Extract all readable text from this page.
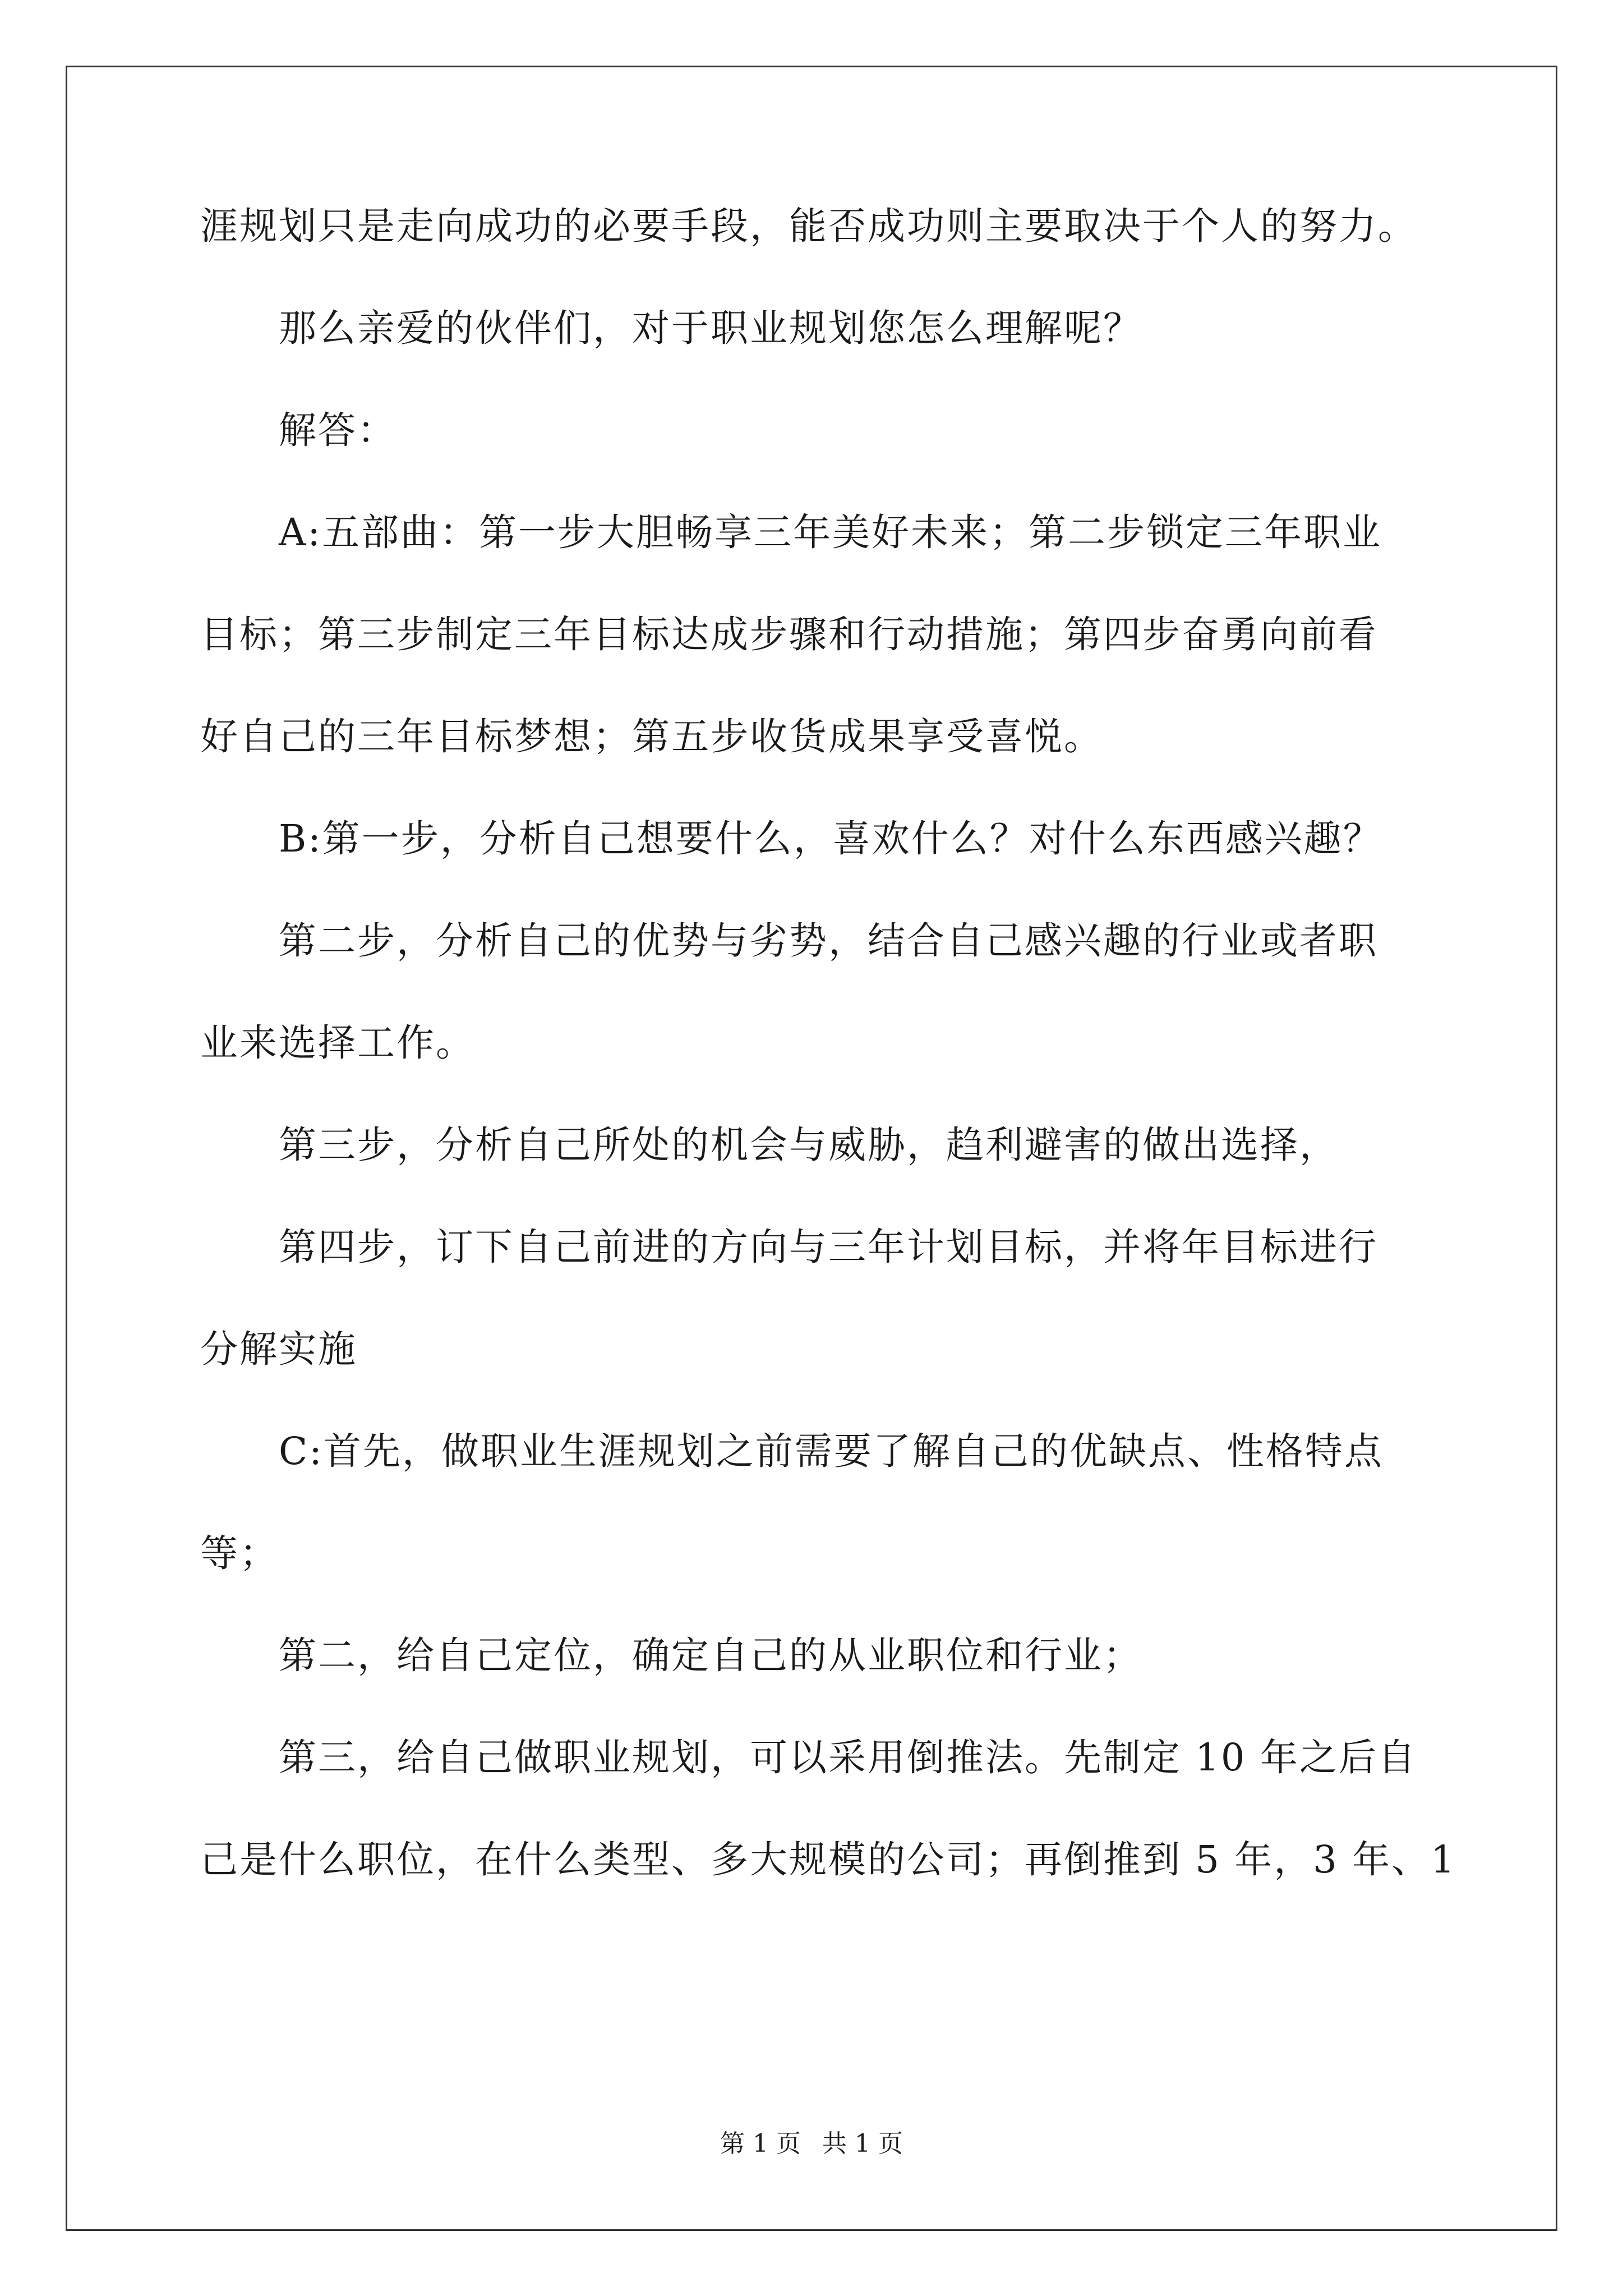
涯规划只是走向成功的必要手段，能否成功则主要取决于个人的努力。
那么亲爱的伙伴们，对于职业规划您怎么理解呢？
解答：
A:五部曲：第一步大胆畅享三年美好未来；第二步锁定三年职业
目标；第三步制定三年目标达成步骤和行动措施；第四步奋勇向前看
好自己的三年目标梦想；第五步收货成果享受喜悦。
B:第一步，分析自己想要什么，喜欢什么？对什么东西感兴趣？
第二步，分析自己的优势与劣势，结合自己感兴趣的行业或者职
业来选择工作。
第三步，分析自己所处的机会与威胁，趋利避害的做出选择，
第四步，订下自己前进的方向与三年计划目标，并将年目标进行
分解实施
C:首先，做职业生涯规划之前需要了解自己的优缺点、性格特点
等；
第二，给自己定位，确定自己的从业职位和行业；
第三，给自己做职业规划，可以采用倒推法。先制定 10 年之后自
己是什么职位，在什么类型、多大规模的公司；再倒推到 5 年，3 年、1
第 1 页 共 1 页
